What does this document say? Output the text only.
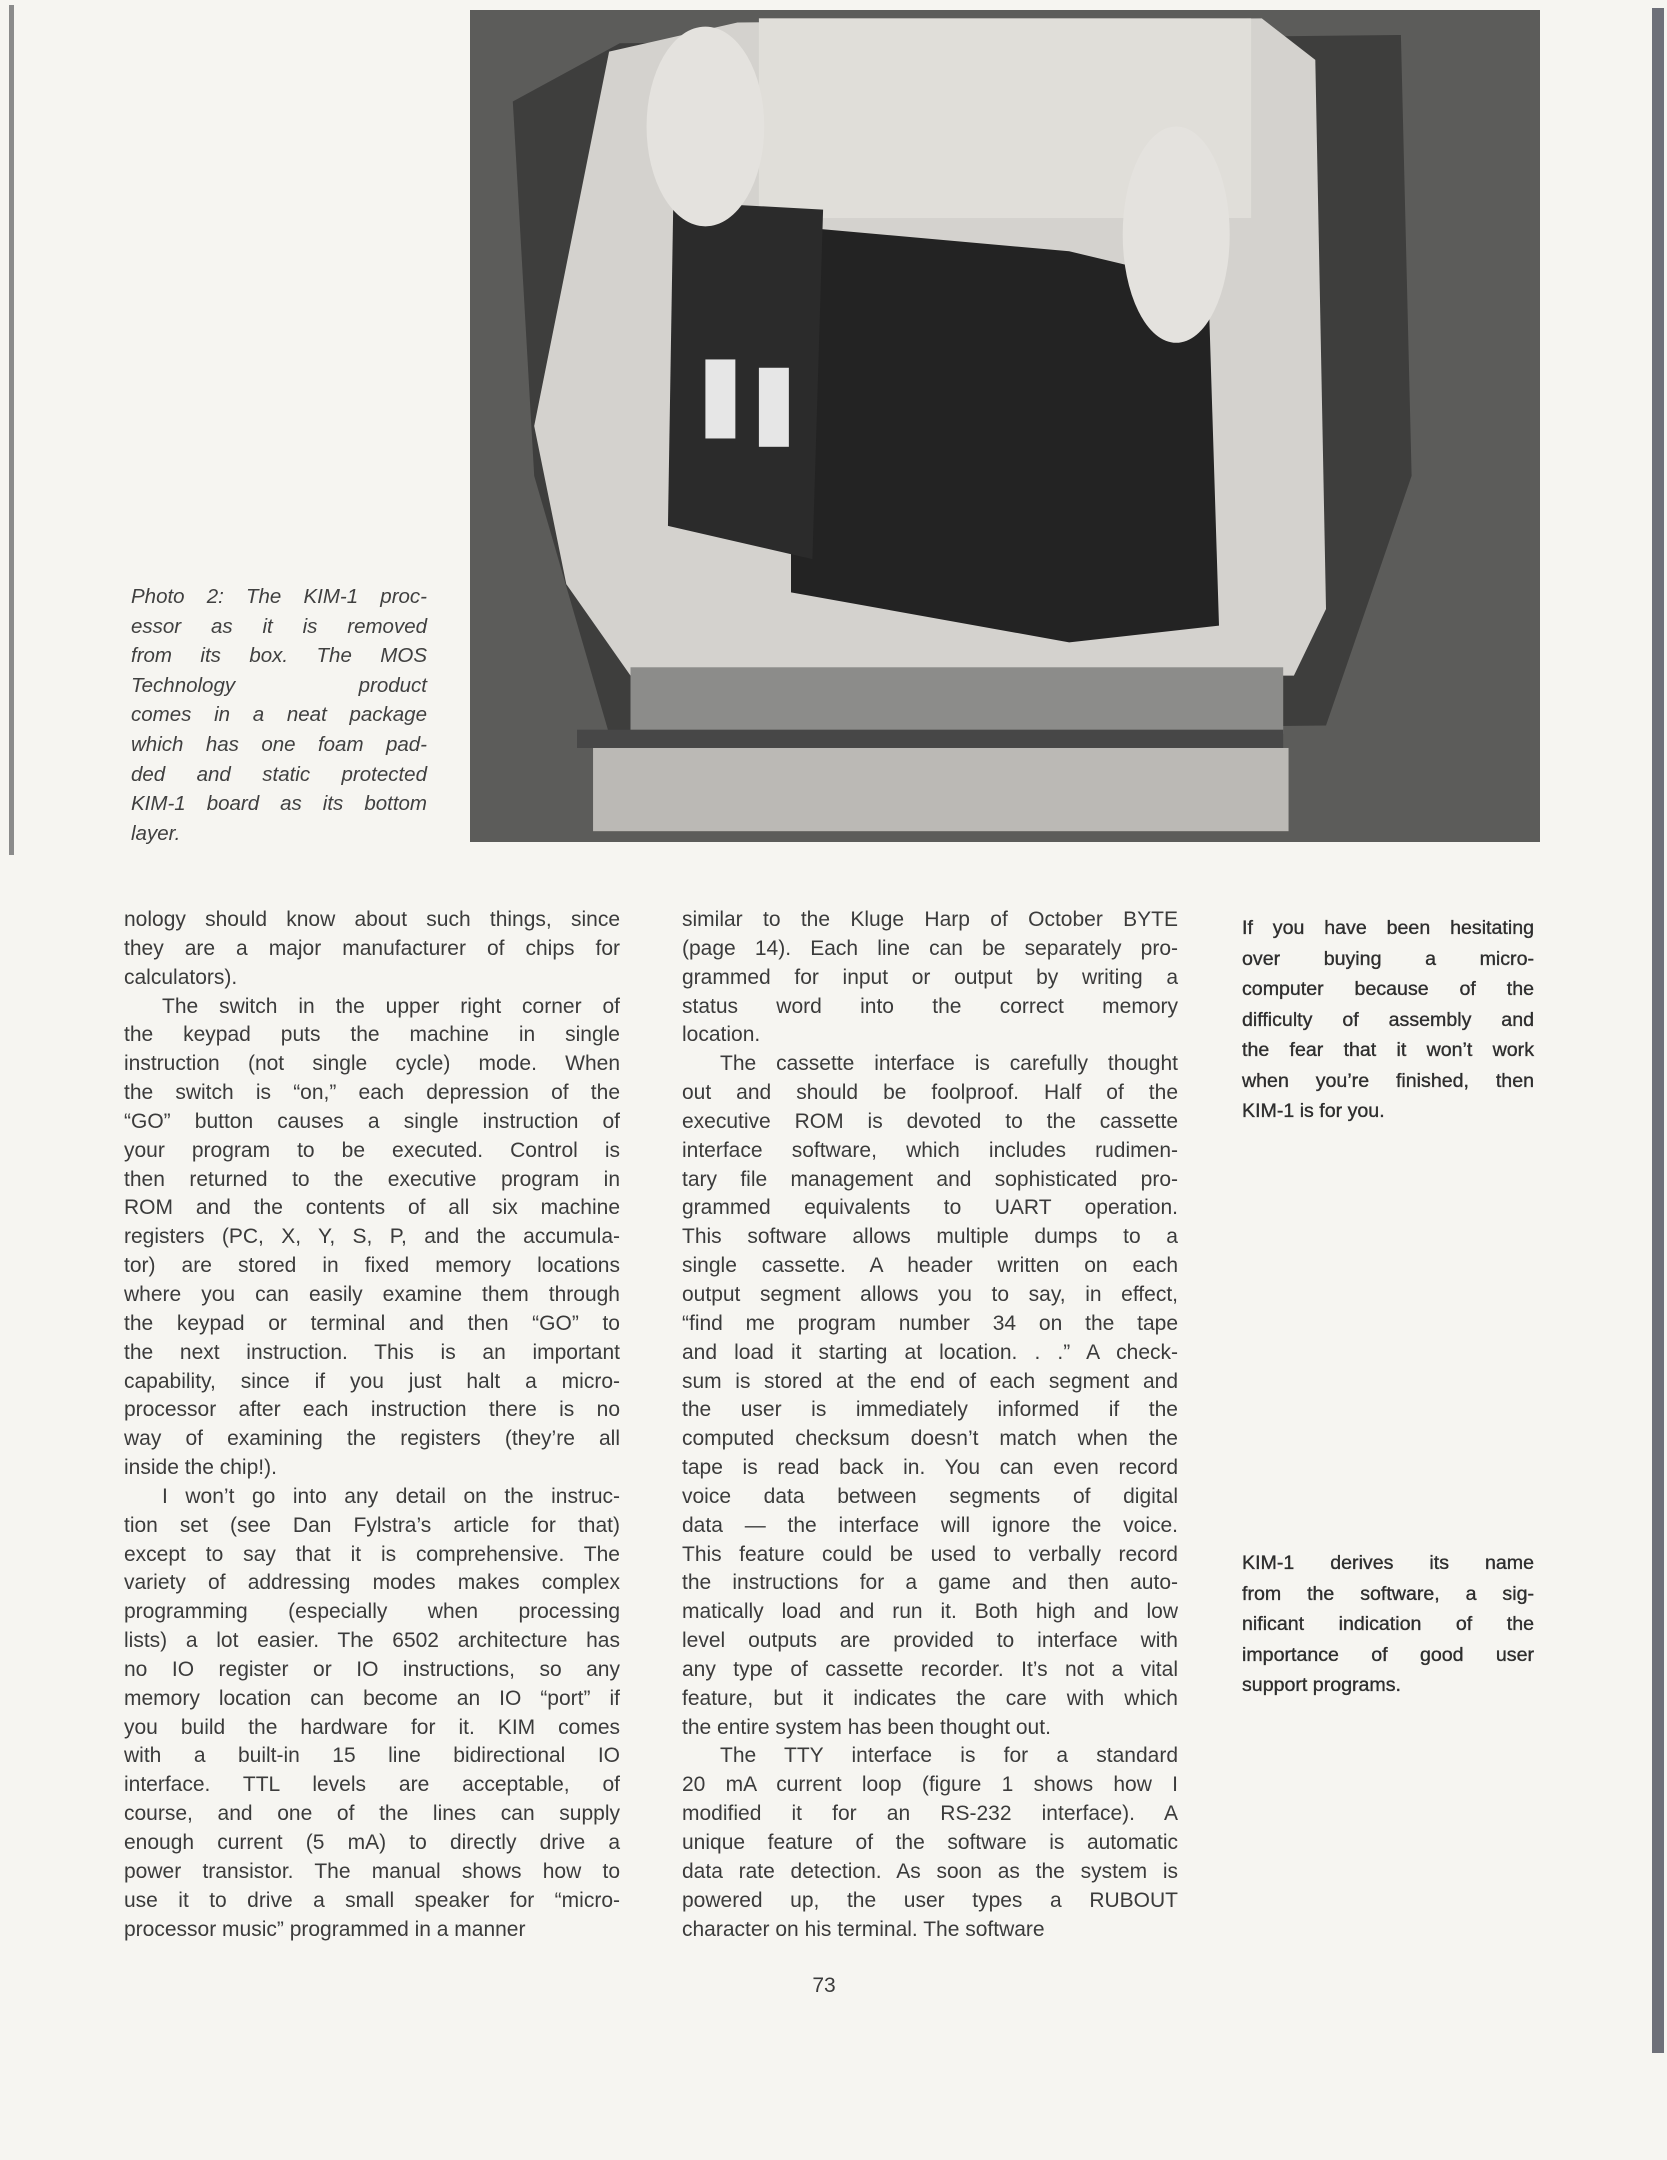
Photo 2: The KIM-1 proc-
essor as it is removed
from its box. The MOS
Technology product
comes in a neat package
which has one foam pad-
ded and static protected
KIM-1 board as its bottom
layer.
nology should know about such things, since
they are a major manufacturer of chips for
calculators).
The switch in the upper right corner of
the keypad puts the machine in single
instruction (not single cycle) mode. When
the switch is “on,” each depression of the
“GO” button causes a single instruction of
your program to be executed. Control is
then returned to the executive program in
ROM and the contents of all six machine
registers (PC, X, Y, S, P, and the accumula-
tor) are stored in fixed memory locations
where you can easily examine them through
the keypad or terminal and then “GO” to
the next instruction. This is an important
capability, since if you just halt a micro-
processor after each instruction there is no
way of examining the registers (they’re all
inside the chip!).
I won’t go into any detail on the instruc-
tion set (see Dan Fylstra’s article for that)
except to say that it is comprehensive. The
variety of addressing modes makes complex
programming (especially when processing
lists) a lot easier. The 6502 architecture has
no IO register or IO instructions, so any
memory location can become an IO “port” if
you build the hardware for it. KIM comes
with a built-in 15 line bidirectional IO
interface. TTL levels are acceptable, of
course, and one of the lines can supply
enough current (5 mA) to directly drive a
power transistor. The manual shows how to
use it to drive a small speaker for “micro-
processor music” programmed in a manner
similar to the Kluge Harp of October BYTE
(page 14). Each line can be separately pro-
grammed for input or output by writing a
status word into the correct memory
location.
The cassette interface is carefully thought
out and should be foolproof. Half of the
executive ROM is devoted to the cassette
interface software, which includes rudimen-
tary file management and sophisticated pro-
grammed equivalents to UART operation.
This software allows multiple dumps to a
single cassette. A header written on each
output segment allows you to say, in effect,
“find me program number 34 on the tape
and load it starting at location. . .” A check-
sum is stored at the end of each segment and
the user is immediately informed if the
computed checksum doesn’t match when the
tape is read back in. You can even record
voice data between segments of digital
data — the interface will ignore the voice.
This feature could be used to verbally record
the instructions for a game and then auto-
matically load and run it. Both high and low
level outputs are provided to interface with
any type of cassette recorder. It’s not a vital
feature, but it indicates the care with which
the entire system has been thought out.
The TTY interface is for a standard
20 mA current loop (figure 1 shows how I
modified it for an RS-232 interface). A
unique feature of the software is automatic
data rate detection. As soon as the system is
powered up, the user types a RUBOUT
character on his terminal. The software
If you have been hesitating
over buying a micro-
computer because of the
difficulty of assembly and
the fear that it won’t work
when you’re finished, then
KIM-1 is for you.
KIM-1 derives its name
from the software, a sig-
nificant indication of the
importance of good user
support programs.
73
